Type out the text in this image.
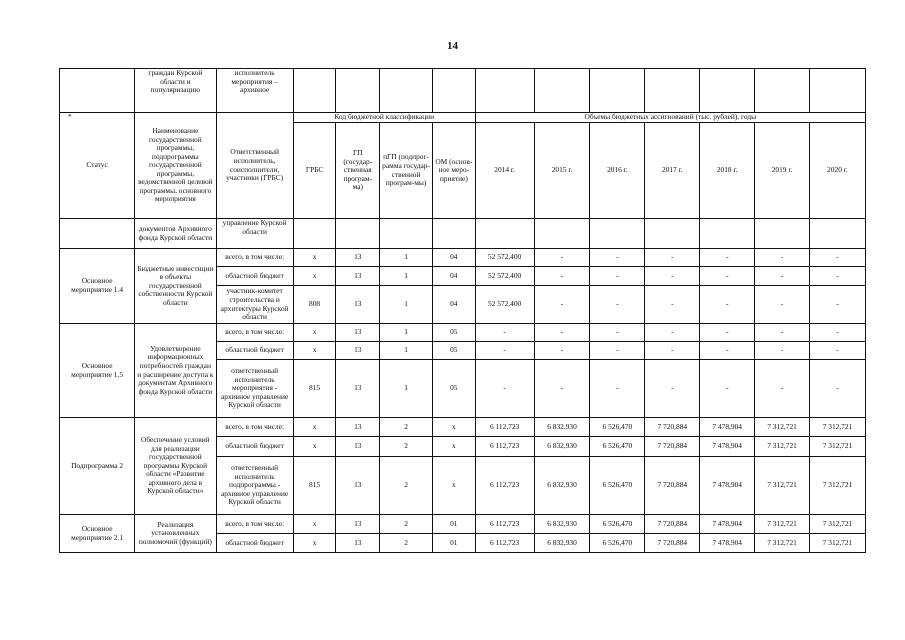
14
	граждан Курской области и популяризацию	исполнитель мероприятия – архивное											

*
Статус	Наименование государственной программы, подпрограммы государственной программы, ведомственной целевой программы, основного мероприятия	Ответственный исполнитель, соисполнители, участники (ГРБС)	Код бюджетной классификации				Объемы бюджетных ассигнований (тыс. рублей), годы						
			ГРБС	ГП (государ-ственная програм-ма)	пГП (подпрог-рамма государ-ственной програм-мы)	ОМ (основ-ное меро-приятие)	2014 г.	2015 г.	2016 г.	2017 г.	2018 г.	2019 г.	2020 г.
	документов Архивного фонда Курской области	управление Курской области											
Основное мероприятие 1.4	Бюджетные инвестиции в объекты государственной собственности Курской области	всего, в том числе:	х	13	1	04	52 572,400	-	-	-	-	-	-
		областной бюджет	х	13	1	04	52 572,400	-	-	-	-	-	-
		участник-комитет строительства и архитектуры Курской области	808	13	1	04	52 572,400	-	-	-	-	-	-
Основное мероприятие 1.5	Удовлетворение информационных потребностей граждан и расширение доступа к документам Архивного фонда Курской области	всего, в том числе:	х	13	1	05	-	-	-	-	-	-	-
		областной бюджет	х	13	1	05	-	-	-	-	-	-	-
		ответственный исполнитель мероприятия - архивное управление Курской области	815	13	1	05	-	-	-	-	-	-	-
Подпрограмма 2	Обеспечение условий для реализации государственной программы Курской области «Развитие архивного дела в Курской области»	всего, в том числе:	х	13	2	х	6 112,723	6 832,930	6 526,470	7 720,884	7 478,904	7 312,721	7 312,721
		областной бюджет	х	13	2	х	6 112,723	6 832,930	6 526,470	7 720,884	7 478,904	7 312,721	7 312,721
		ответственный исполнитель подпрограммы - архивное управление Курской области	815	13	2	х	6 112,723	6 832,930	6 526,470	7 720,884	7 478,904	7 312,721	7 312,721
Основное мероприятие 2.1	Реализация установленных полномочий (функций)	всего, в том числе:	х	13	2	01	6 112,723	6 832,930	6 526,470	7 720,884	7 478,904	7 312,721	7 312,721
		областной бюджет	х	13	2	01	6 112,723	6 832,930	6 526,470	7 720,884	7 478,904	7 312,721	7 312,721
